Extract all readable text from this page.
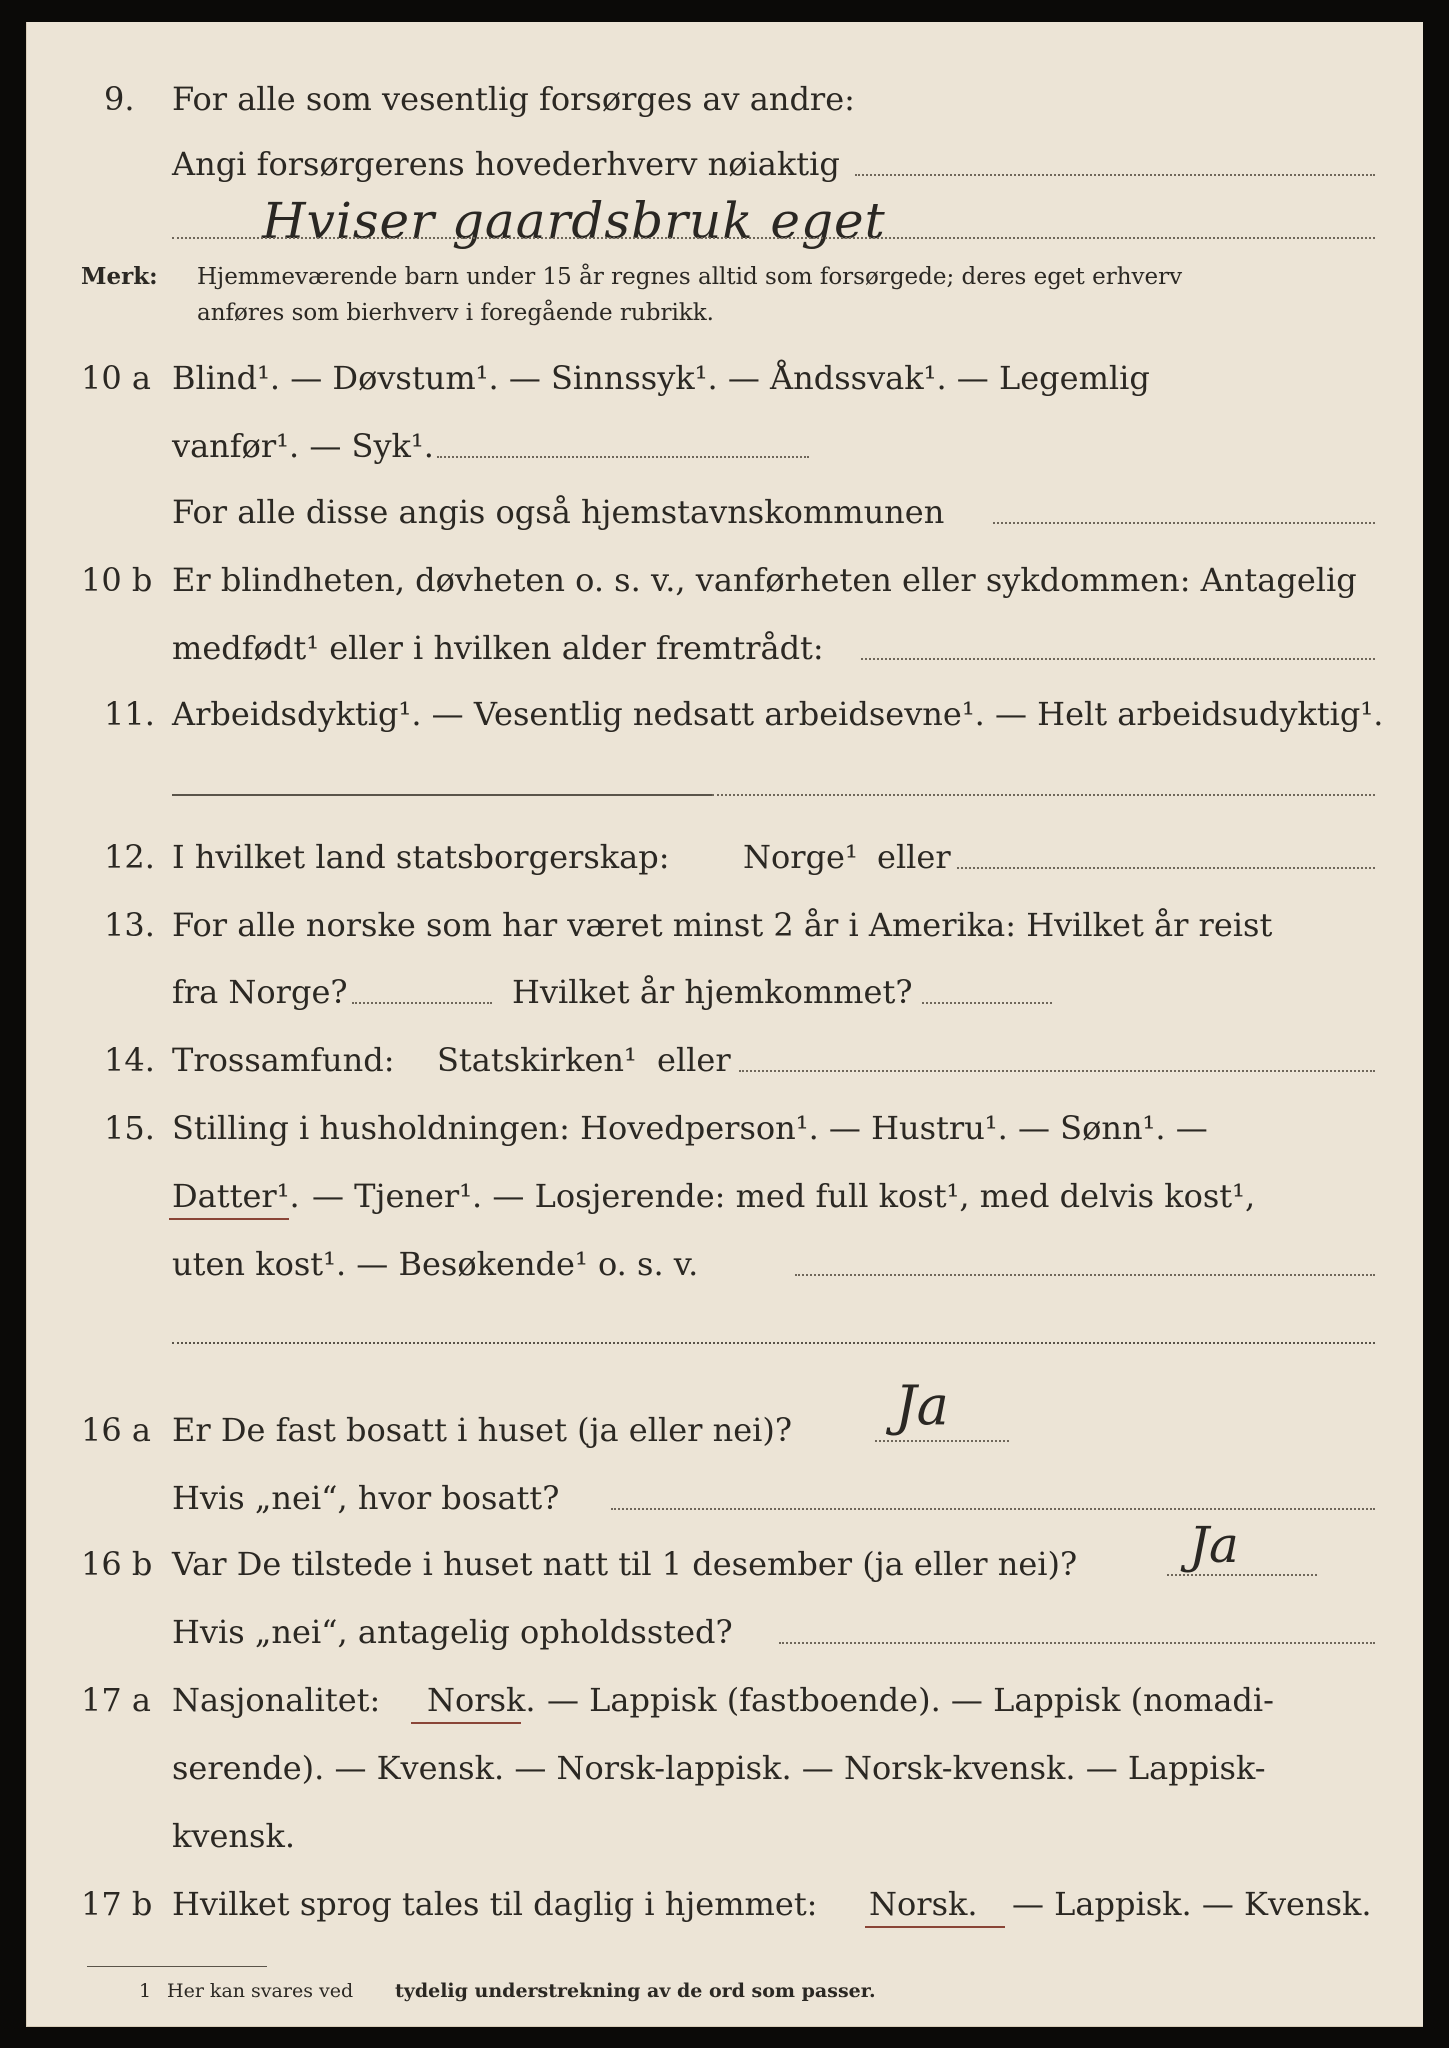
9. For alle som vesentlig forsørges av andre:
Angi forsørgerens hovederhverv nøiaktig
Hviser gaardsbruk eget
Merk: Hjemmeværende barn under 15 år regnes alltid som forsørgede; deres eget erhverv
anføres som bierhverv i foregående rubrikk.
10 a Blind¹. — Døvstum¹. — Sinnssyk¹. — Åndssvak¹. — Legemlig
vanfør¹. — Syk¹.
For alle disse angis også hjemstavnskommunen
10 b Er blindheten, døvheten o. s. v., vanførheten eller sykdommen: Antagelig
medfødt¹ eller i hvilken alder fremtrådt:
11. Arbeidsdyktig¹. — Vesentlig nedsatt arbeidsevne¹. — Helt arbeidsudyktig¹.
12. I hvilket land statsborgerskap: Norge¹ eller
13. For alle norske som har været minst 2 år i Amerika: Hvilket år reist
fra Norge?	Hvilket år hjemkommet?
14. Trossamfund: Statskirken¹ eller
15. Stilling i husholdningen: Hovedperson¹. — Hustru¹. — Sønn¹. —
Datter¹. — Tjener¹. — Losjerende: med full kost¹, med delvis kost¹,
uten kost¹. — Besøkende¹ o. s. v.
16 a Er De fast bosatt i huset (ja eller nei)? Ja
Hvis „nei“, hvor bosatt?
16 b Var De tilstede i huset natt til 1 desember (ja eller nei)? Ja
Hvis „nei“, antagelig opholdssted?
17 a Nasjonalitet: Norsk. — Lappisk (fastboende). — Lappisk (nomadi-
serende). — Kvensk. — Norsk-lappisk. — Norsk-kvensk. — Lappisk-
kvensk.
17 b Hvilket sprog tales til daglig i hjemmet: Norsk. — Lappisk. — Kvensk.
1 Her kan svares ved tydelig understrekning av de ord som passer.
